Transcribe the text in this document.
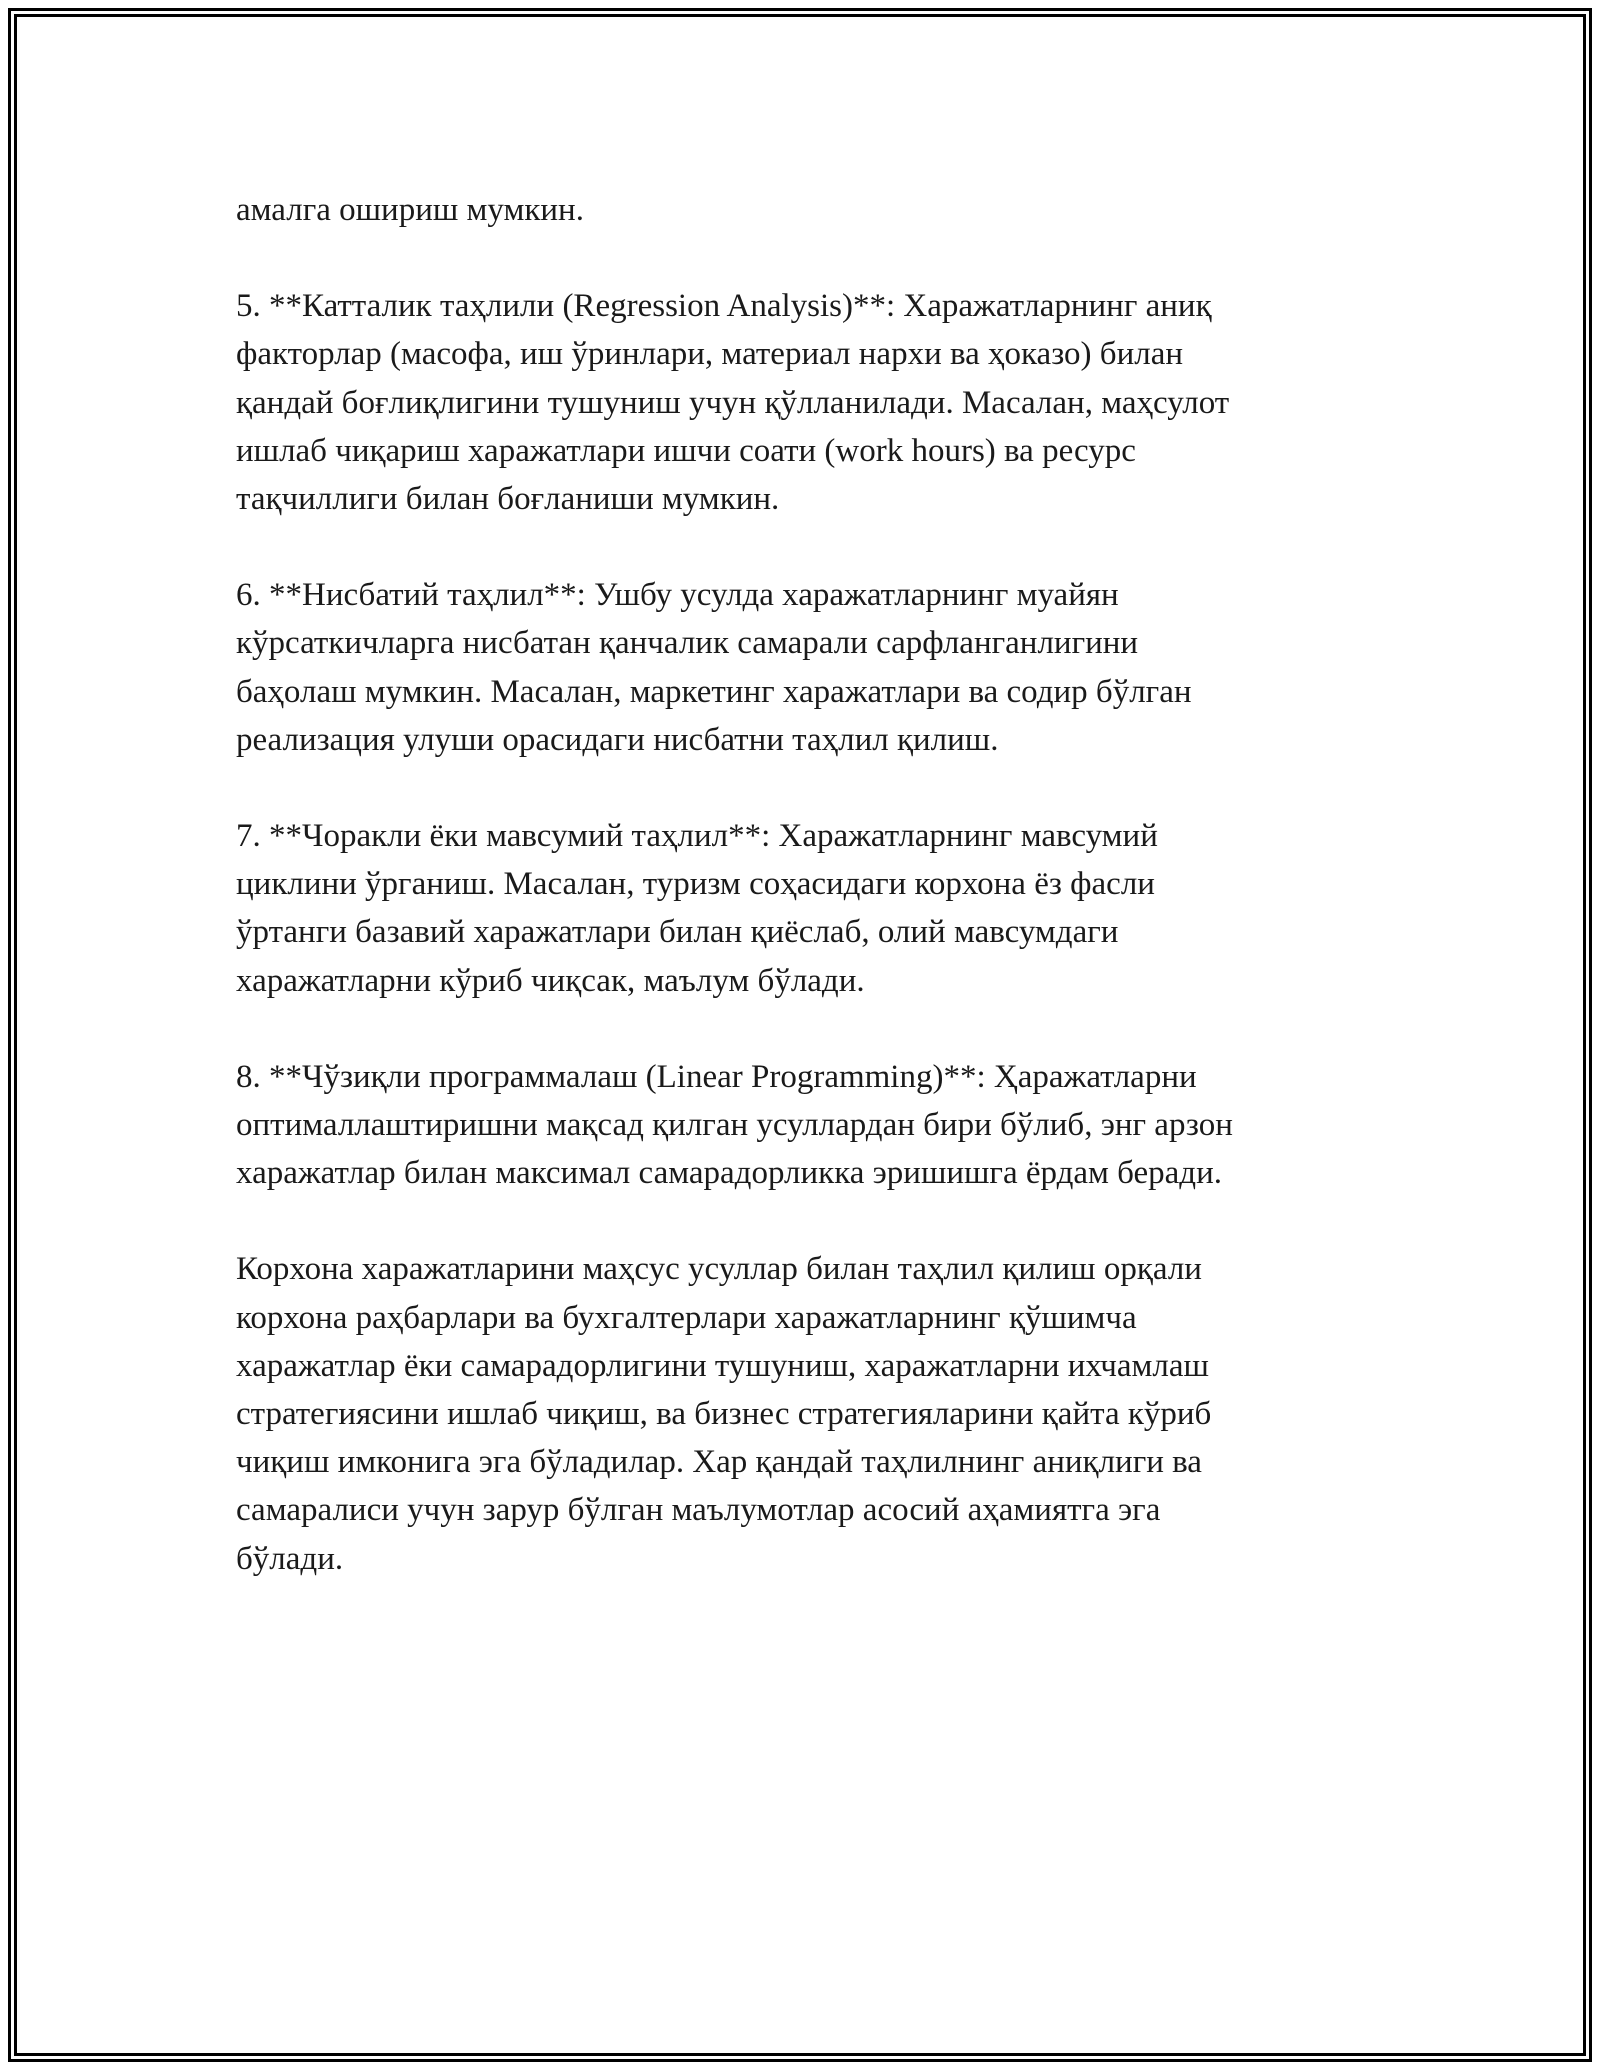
амалга ошириш мумкин.

5. **Катталик таҳлили (Regression Analysis)**: Харажатларнинг аниқ
факторлар (масофа, иш ўринлари, материал нархи ва ҳоказо) билан
қандай боғлиқлигини тушуниш учун қўлланилади. Масалан, маҳсулот
ишлаб чиқариш харажатлари ишчи соати (work hours) ва ресурс
тақчиллиги билан боғланиши мумкин.

6. **Нисбатий таҳлил**: Ушбу усулда харажатларнинг муайян
кўрсаткичларга нисбатан қанчалик самарали сарфланганлигини
баҳолаш мумкин. Масалан, маркетинг харажатлари ва содир бўлган
реализация улуши орасидаги нисбатни таҳлил қилиш.

7. **Чоракли ёки мавсумий таҳлил**: Харажатларнинг мавсумий
циклини ўрганиш. Масалан, туризм соҳасидаги корхона ёз фасли
ўртанги базавий харажатлари билан қиёслаб, олий мавсумдаги
харажатларни кўриб чиқсак, маълум бўлади.

8. **Чўзиқли программалаш (Linear Programming)**: Ҳаражатларни
оптималлаштиришни мақсад қилган усуллардан бири бўлиб, энг арзон
харажатлар билан максимал самарадорликка эришишга ёрдам беради.

Корхона харажатларини маҳсус усуллар билан таҳлил қилиш орқали
корхона раҳбарлари ва бухгалтерлари харажатларнинг қўшимча
харажатлар ёки самарадорлигини тушуниш, харажатларни ихчамлаш
стратегиясини ишлаб чиқиш, ва бизнес стратегияларини қайта кўриб
чиқиш имконига эга бўладилар. Хар қандай таҳлилнинг аниқлиги ва
самаралиси учун зарур бўлган маълумотлар асосий аҳамиятга эга
бўлади.
